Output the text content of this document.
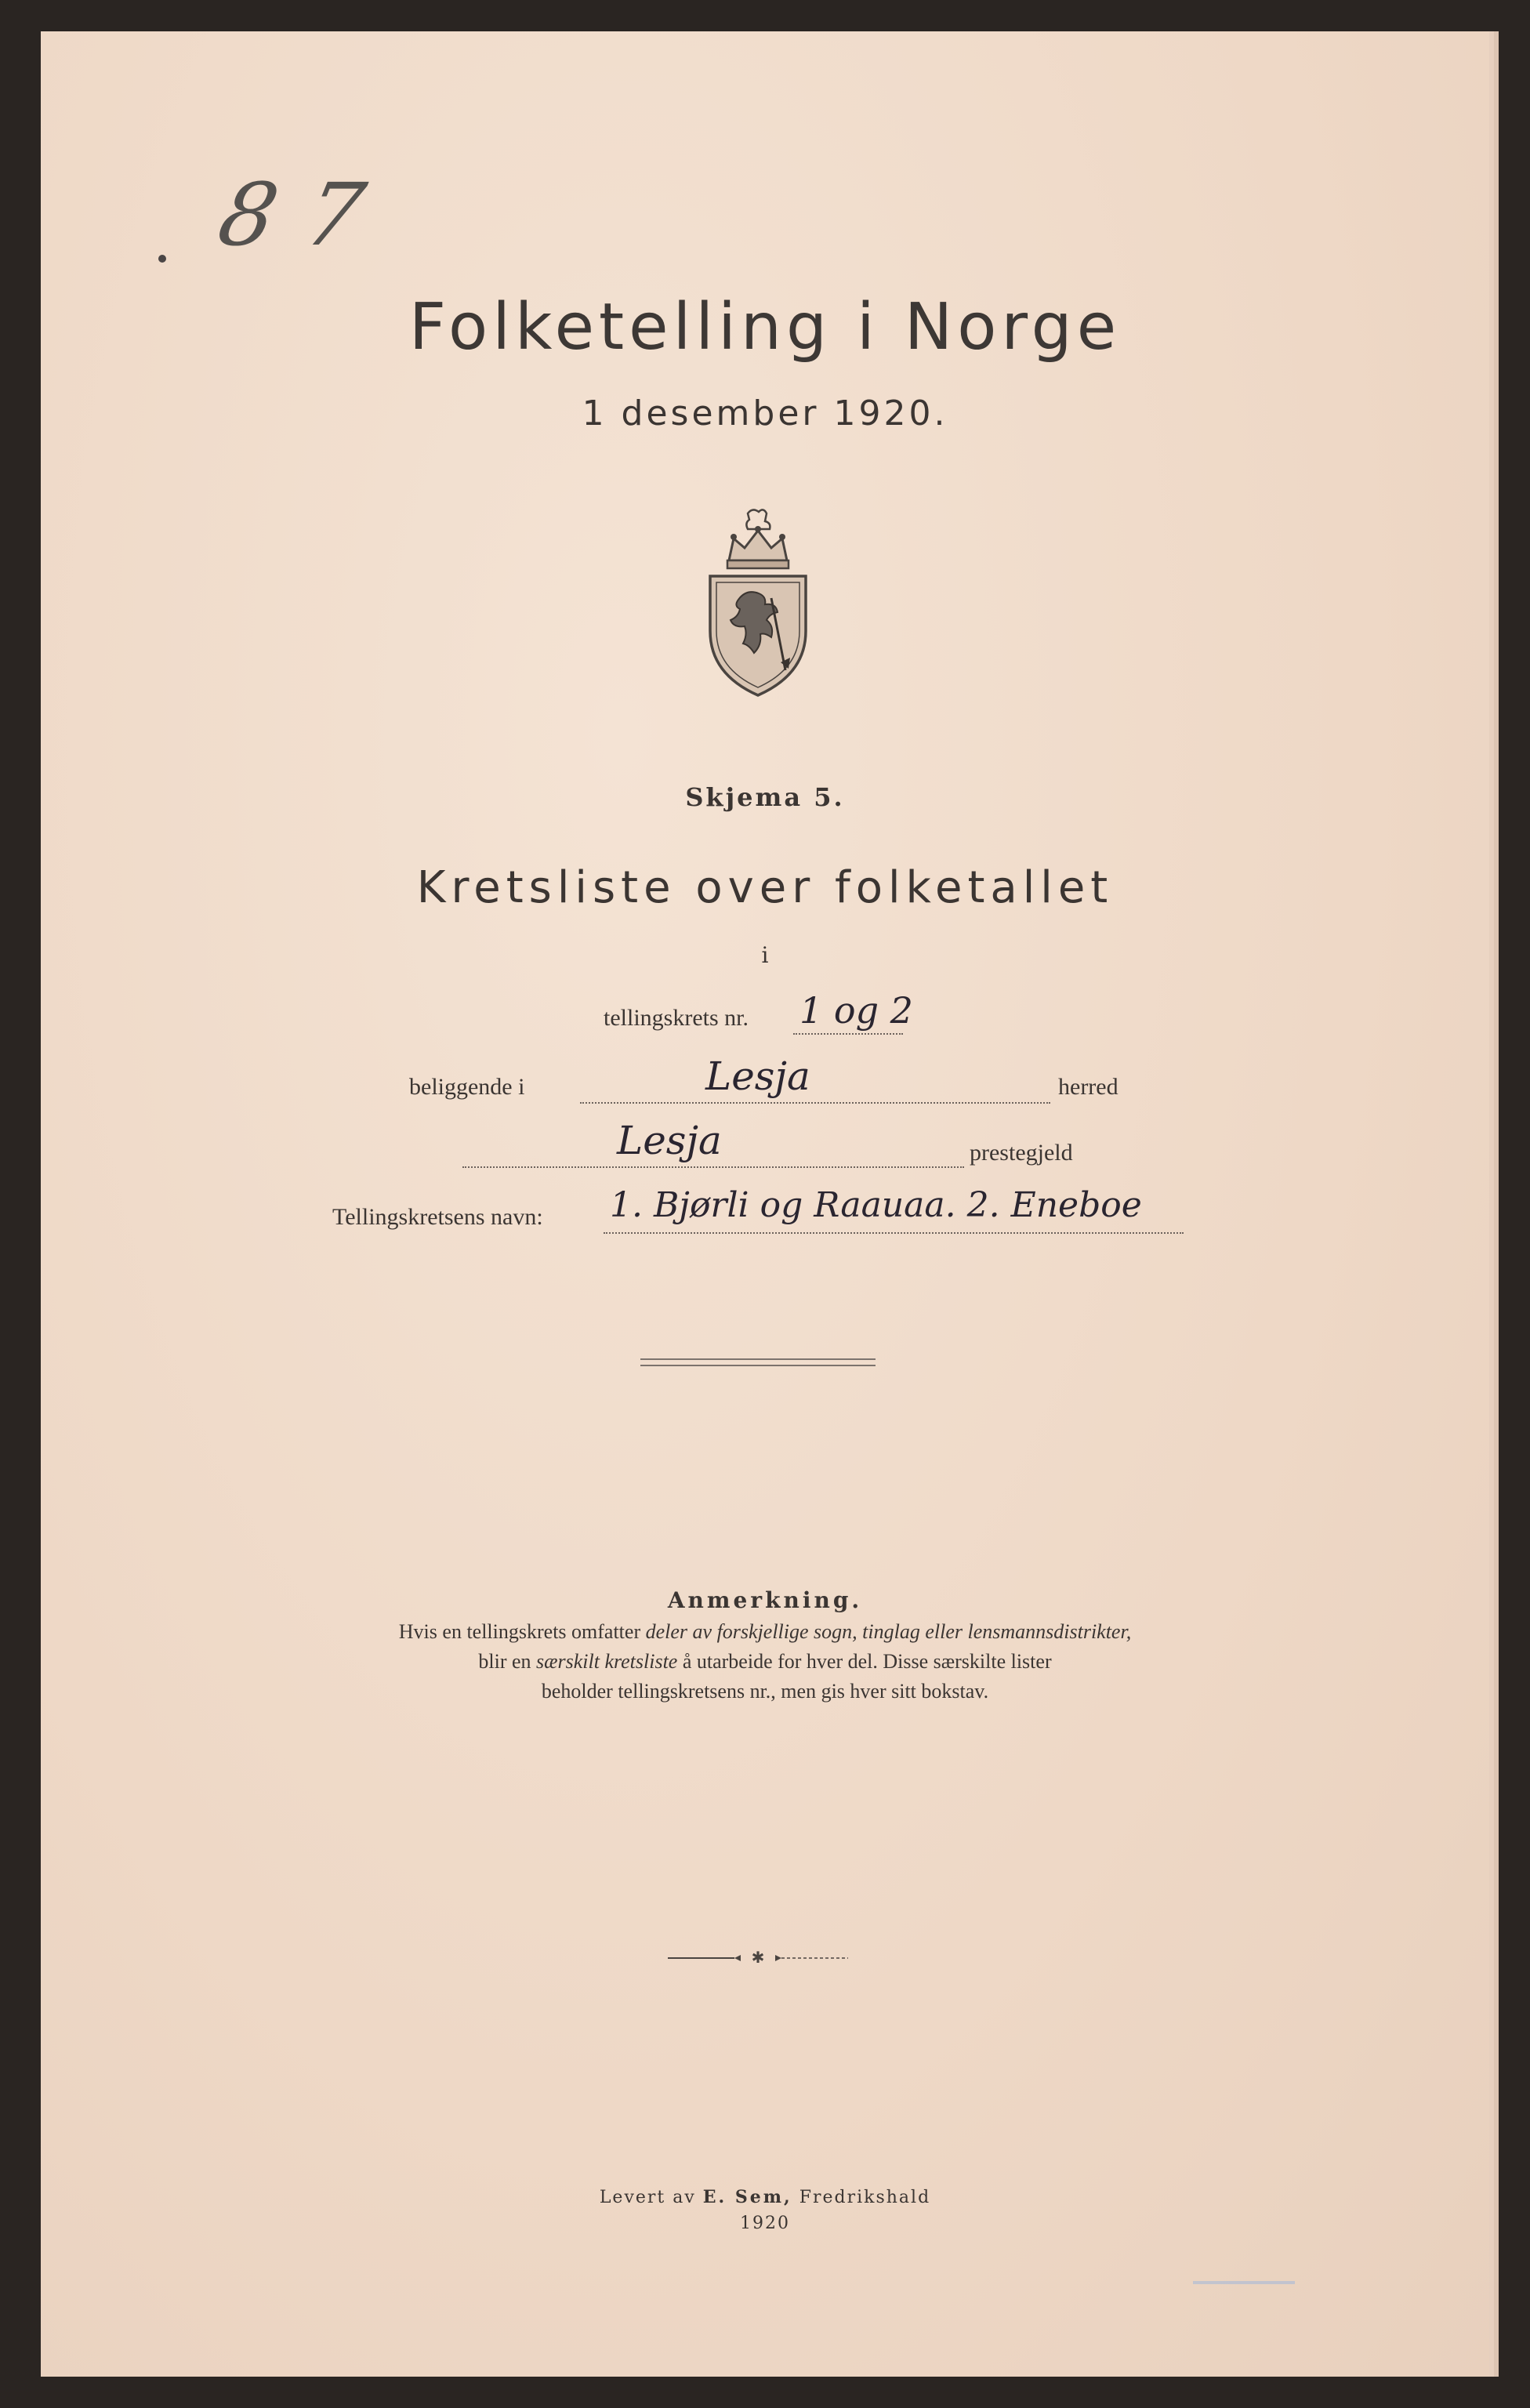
87
Folketelling i Norge
1 desember 1920.
Skjema 5.
Kretsliste over folketallet
i
tellingskrets nr. 1 og 2
beliggende i	Lesja	herred
Lesja	prestegjeld
Tellingskretsens navn: 1. Bjørli og Raauaa. 2. Eneboe
Anmerkning.
Hvis en tellingskrets omfatter deler av forskjellige sogn, tinglag eller lensmannsdistrikter,
blir en særskilt kretsliste å utarbeide for hver del. Disse særskilte lister
beholder tellingskretsens nr., men gis hver sitt bokstav.
✱
Levert av E. Sem, Fredrikshald
1920
